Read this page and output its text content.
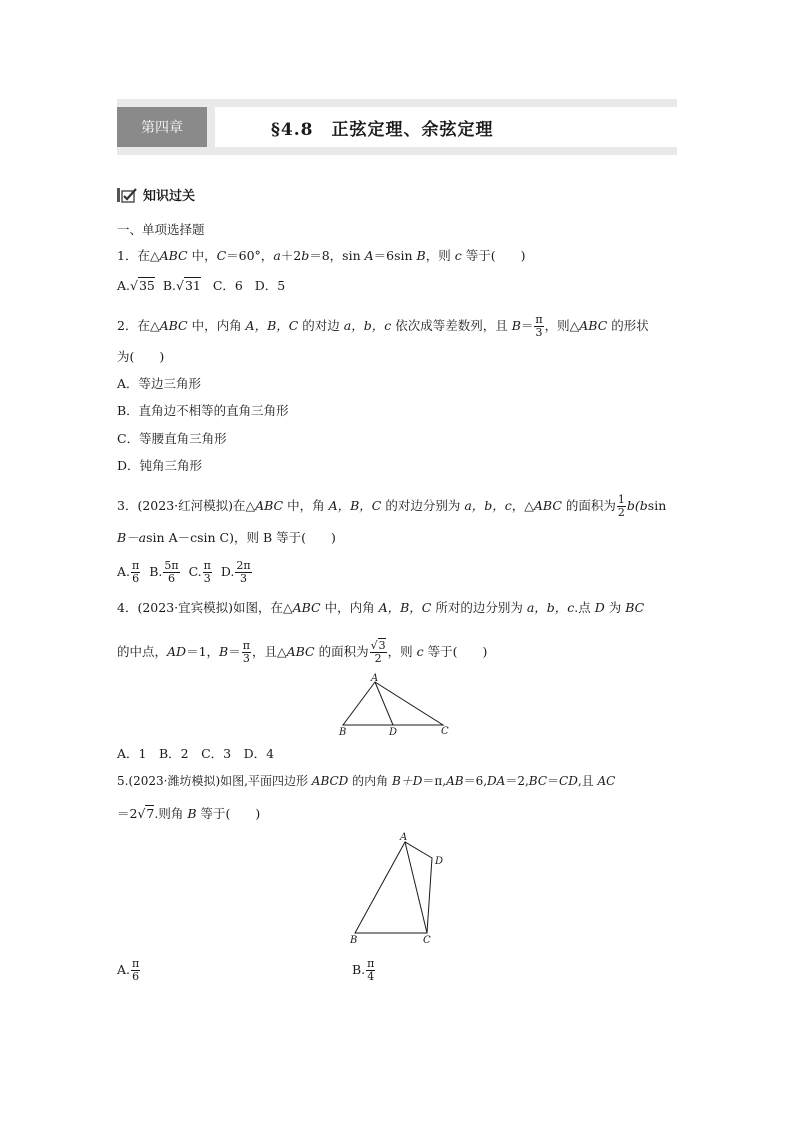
第四章	§4.8　正弦定理、余弦定理
知识过关
一、单项选择题
1．在△ABC 中，C＝60°，a＋2b＝8，sin A＝6sin B，则 c 等于(　　)
A.√35 B.√31 C．6 D．5
2．在△ABC 中，内角 A，B，C 的对边 a，b，c 依次成等差数列，且 $B= \frac{\pi}{3}$ ，则△ABC 的形状
为(　　)
A．等边三角形
B．直角边不相等的直角三角形
C．等腰直角三角形
D．钝角三角形
3．(2023·红河模拟)在△ABC 中，角 A，B，C 的对边分别为 a，b，c，△ABC 的面积为 $\frac{1}{2} b(bsin$
B－asin A－csin C)，则 B 等于(　　)
A. $\frac{\pi}{6} B$. $\frac{5\pi}{6} C$. $\frac{\pi}{3} D$. $\frac{2\pi}{3}$
4．(2023·宜宾模拟)如图，在△ABC 中，内角 A，B，C 所对的边分别为 a，b，c.点 D 为 BC
的中点，AD＝1，$B= \frac{\pi}{3}$ ，且△ABC 的面积为 $\frac{√3}{2}$ ，则 c 等于(　　)
A
B	D	C
A．1　B．2　C．3　D．4
5.(2023·潍坊模拟)如图,平面四边形 ABCD 的内角 B＋D＝π,AB＝6,DA＝2,BC＝CD,且 AC
＝2√7.则角 B 等于(　　)
A
D
B	C
A. $\frac{\pi}{6}$	B. $\frac{\pi}{4}$
